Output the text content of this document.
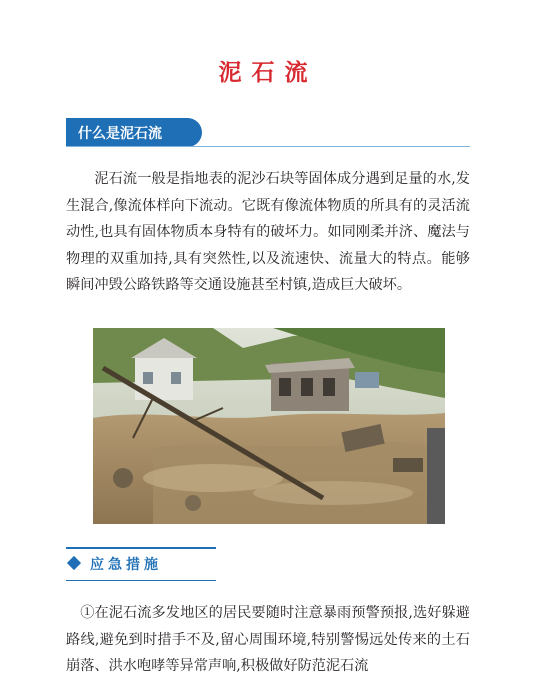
泥石流
什么是泥石流

泥石流一般是指地表的泥沙石块等固体成分遇到足量的水,发生混合,像流体样向下流动。它既有像流体物质的所具有的灵活流动性,也具有固体物质本身特有的破坏力。如同刚柔并济、魔法与物理的双重加持,具有突然性,以及流速快、流量大的特点。能够瞬间冲毁公路铁路等交通设施甚至村镇,造成巨大破坏。

应急措施

①在泥石流多发地区的居民要随时注意暴雨预警预报,选好躲避路线,避免到时措手不及,留心周围环境,特别警惕远处传来的土石崩落、洪水咆哮等异常声响,积极做好防范泥石流
